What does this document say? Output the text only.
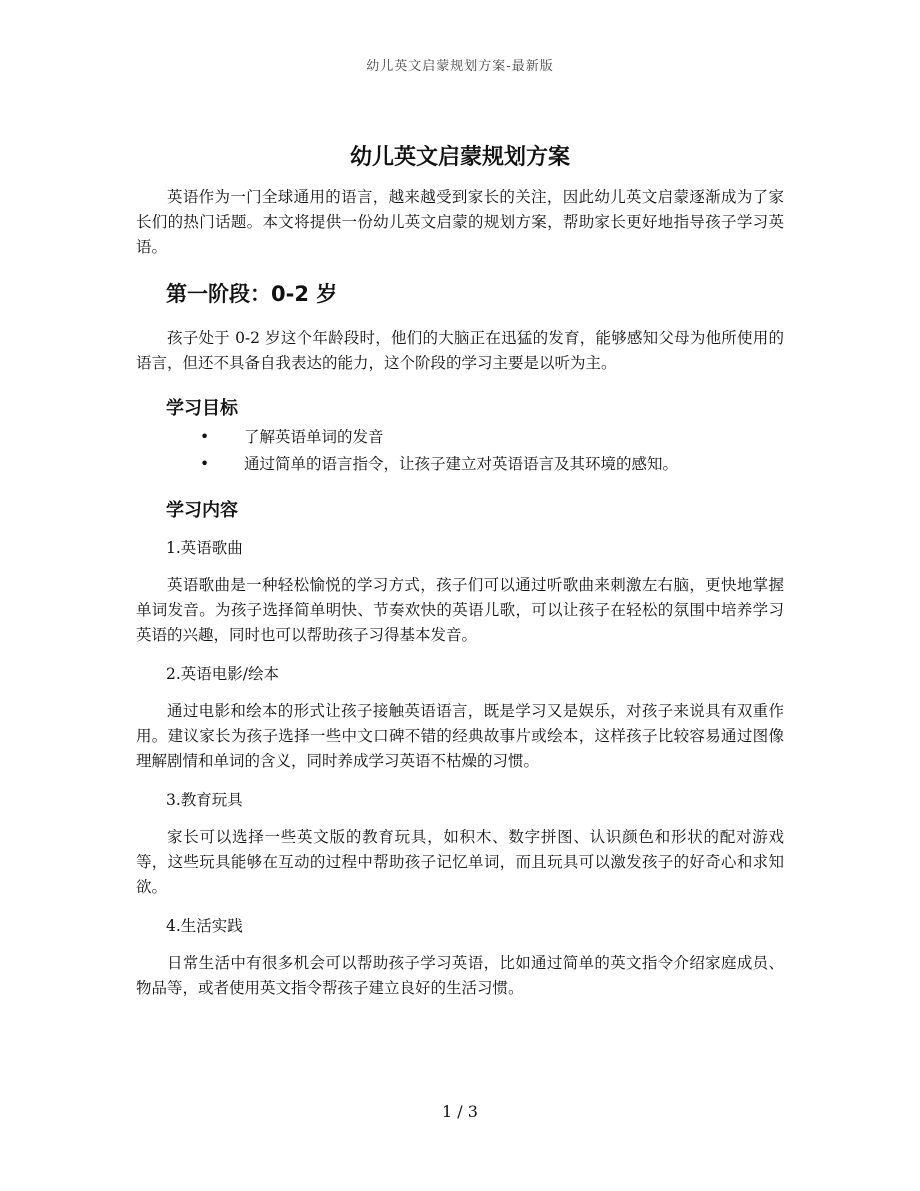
幼儿英文启蒙规划方案-最新版
幼儿英文启蒙规划方案

英语作为一门全球通用的语言，越来越受到家长的关注，因此幼儿英文启蒙逐渐成为了家长们的热门话题。本文将提供一份幼儿英文启蒙的规划方案，帮助家长更好地指导孩子学习英语。

第一阶段：0-2 岁

孩子处于 0-2 岁这个年龄段时，他们的大脑正在迅猛的发育，能够感知父母为他所使用的语言，但还不具备自我表达的能力，这个阶段的学习主要是以听为主。

学习目标
• 了解英语单词的发音
• 通过简单的语言指令，让孩子建立对英语语言及其环境的感知。
学习内容
1.英语歌曲

英语歌曲是一种轻松愉悦的学习方式，孩子们可以通过听歌曲来刺激左右脑，更快地掌握单词发音。为孩子选择简单明快、节奏欢快的英语儿歌，可以让孩子在轻松的氛围中培养学习英语的兴趣，同时也可以帮助孩子习得基本发音。

2.英语电影/绘本

通过电影和绘本的形式让孩子接触英语语言，既是学习又是娱乐，对孩子来说具有双重作用。建议家长为孩子选择一些中文口碑不错的经典故事片或绘本，这样孩子比较容易通过图像理解剧情和单词的含义，同时养成学习英语不枯燥的习惯。

3.教育玩具

家长可以选择一些英文版的教育玩具，如积木、数字拼图、认识颜色和形状的配对游戏等，这些玩具能够在互动的过程中帮助孩子记忆单词，而且玩具可以激发孩子的好奇心和求知欲。

4.生活实践

日常生活中有很多机会可以帮助孩子学习英语，比如通过简单的英文指令介绍家庭成员、物品等，或者使用英文指令帮孩子建立良好的生活习惯。

1 / 3
